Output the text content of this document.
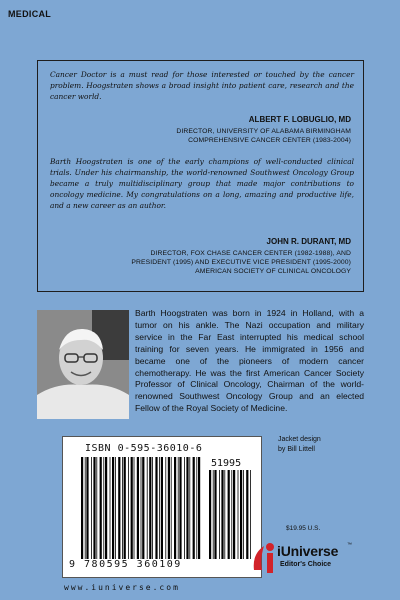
MEDICAL
Cancer Doctor is a must read for those interested or touched by the cancer problem. Hoogstraten shows a broad insight into patient care, research and the cancer world.
ALBERT F. LOBUGLIO, MD
DIRECTOR, UNIVERSITY OF ALABAMA BIRMINGHAM
COMPREHENSIVE CANCER CENTER (1983-2004)
Barth Hoogstraten is one of the early champions of well-conducted clinical trials. Under his chairmanship, the world-renowned Southwest Oncology Group became a truly multidisciplinary group that made major contributions to oncology medicine. My congratulations on a long, amazing and productive life, and a new career as an author.
JOHN R. DURANT, MD
DIRECTOR, FOX CHASE CANCER CENTER (1982-1988), AND
PRESIDENT (1995) AND EXECUTIVE VICE PRESIDENT (1995-2000)
AMERICAN SOCIETY OF CLINICAL ONCOLOGY
Barth Hoogstraten was born in 1924 in Holland, with a tumor on his ankle. The Nazi occupation and military service in the Far East interrupted his medical school training for seven years. He immigrated in 1956 and became one of the pioneers of modern cancer chemotherapy. He was the first American Cancer Society Professor of Clinical Oncology, Chairman of the world-renowned Southwest Oncology Group and an elected Fellow of the Royal Society of Medicine.
Jacket design
by Bill Littell
ISBN 0-595-36010-6
51995
9 780595 360109
www.iuniverse.com
$19.95 U.S.
iUniverse ™
Editor's Choice
